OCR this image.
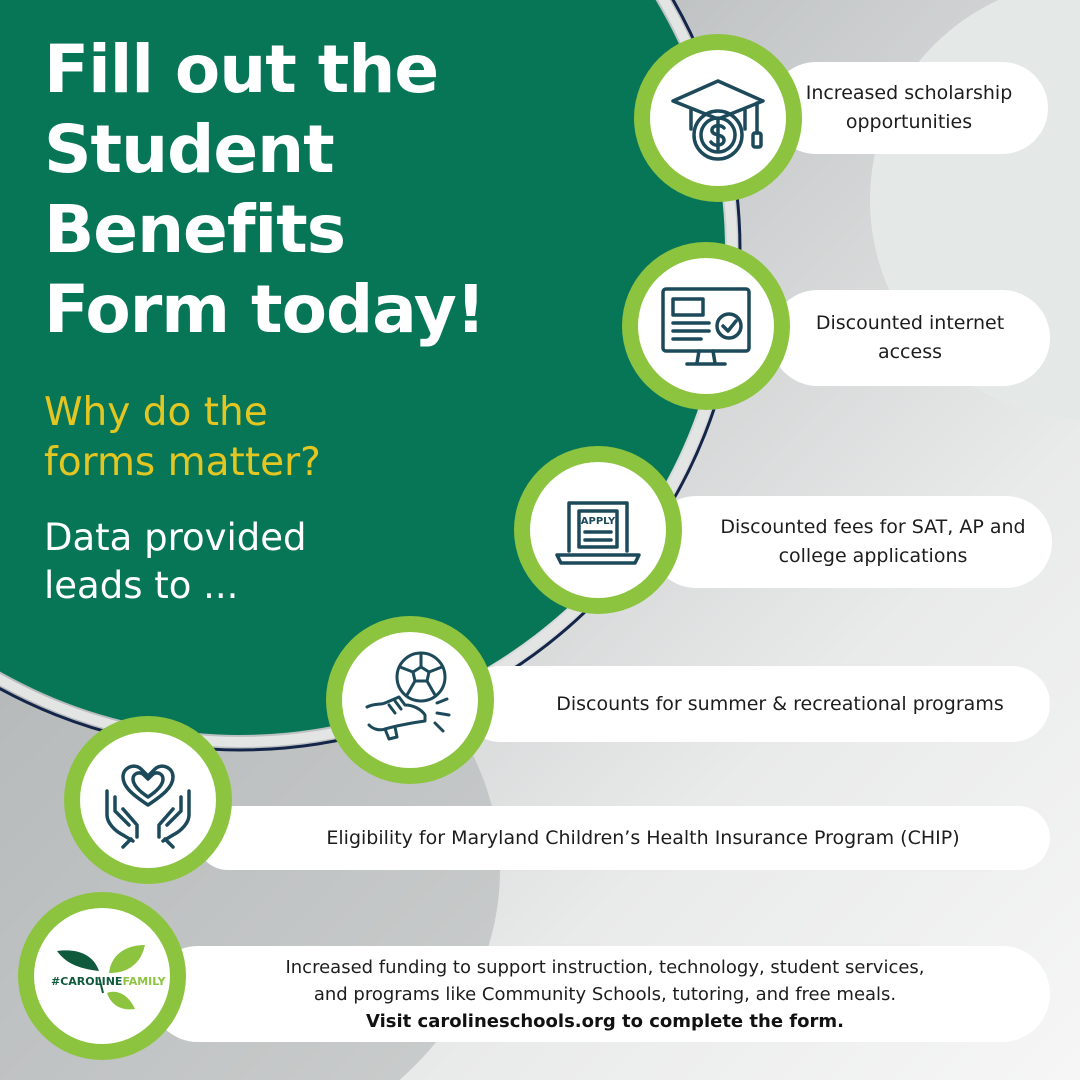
Fill out the
Student
Benefits
Form today!
Why do the
forms matter?
Data provided
leads to ...
Increased scholarship
opportunities
Discounted internet
access
Discounted fees for SAT, AP and
college applications
APPLY
Discounts for summer & recreational programs
Eligibility for Maryland Children’s Health Insurance Program (CHIP)
Increased funding to support instruction, technology, student services,
and programs like Community Schools, tutoring, and free meals.
Visit carolineschools.org to complete the form.
#CAROLINEFAMILY
